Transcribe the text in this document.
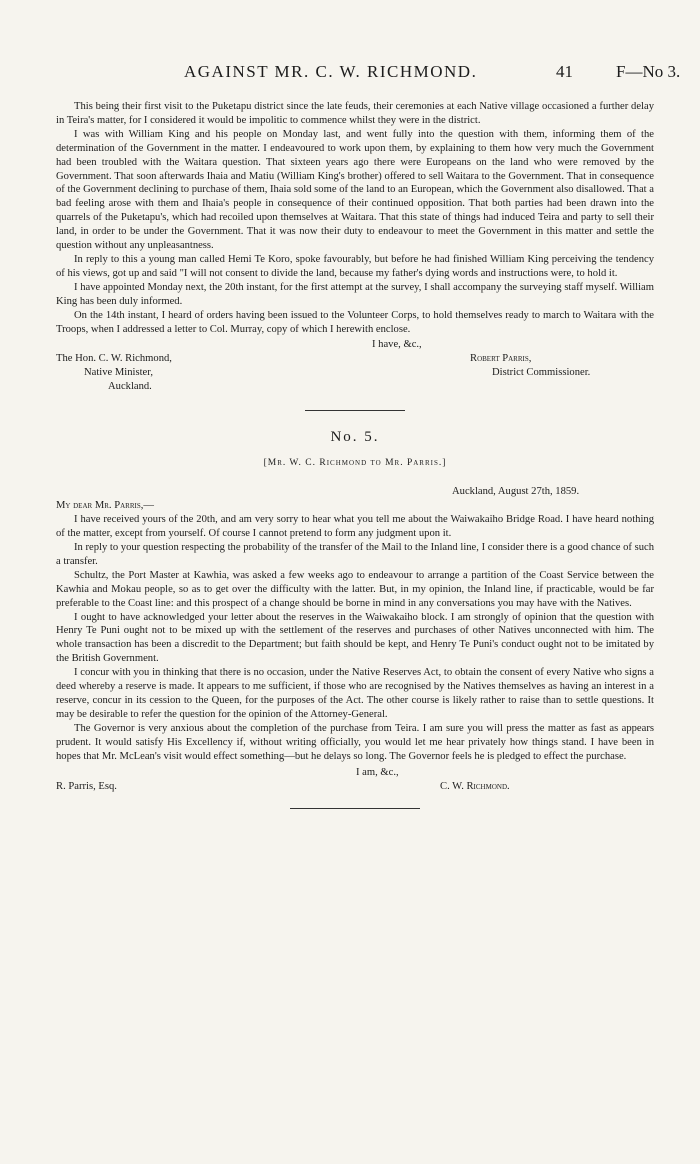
AGAINST MR. C. W. RICHMOND.	41	F—No 3.

This being their first visit to the Puketapu district since the late feuds, their ceremonies at each Native village occasioned a further delay in Teira's matter, for I considered it would be impolitic to commence whilst they were in the district.

I was with William King and his people on Monday last, and went fully into the question with them, informing them of the determination of the Government in the matter. I endeavoured to work upon them, by explaining to them how very much the Government had been troubled with the Waitara question. That sixteen years ago there were Europeans on the land who were removed by the Government. That soon afterwards Ihaia and Matiu (William King's brother) offered to sell Waitara to the Government. That in consequence of the Government declining to purchase of them, Ihaia sold some of the land to an European, which the Government also disallowed. That a bad feeling arose with them and Ihaia's people in consequence of their continued opposition. That both parties had been drawn into the quarrels of the Puketapu's, which had recoiled upon themselves at Waitara. That this state of things had induced Teira and party to sell their land, in order to be under the Government. That it was now their duty to endeavour to meet the Government in this matter and settle the question without any unpleasantness.

In reply to this a young man called Hemi Te Koro, spoke favourably, but before he had finished William King perceiving the tendency of his views, got up and said "I will not consent to divide the land, because my father's dying words and instructions were, to hold it.

I have appointed Monday next, the 20th instant, for the first attempt at the survey, I shall accompany the surveying staff myself. William King has been duly informed.

On the 14th instant, I heard of orders having been issued to the Volunteer Corps, to hold themselves ready to march to Waitara with the Troops, when I addressed a letter to Col. Murray, copy of which I herewith enclose.

I have, &c.,
The Hon. C. W. Richmond,	Robert Parris,
Native Minister,	District Commissioner.
Auckland.

No. 5.

[Mr. W. C. Richmond to Mr. Parris.]

Auckland, August 27th, 1859.
My dear Mr. Parris,—

I have received yours of the 20th, and am very sorry to hear what you tell me about the Waiwakaiho Bridge Road. I have heard nothing of the matter, except from yourself. Of course I cannot pretend to form any judgment upon it.

In reply to your question respecting the probability of the transfer of the Mail to the Inland line, I consider there is a good chance of such a transfer.

Schultz, the Port Master at Kawhia, was asked a few weeks ago to endeavour to arrange a partition of the Coast Service between the Kawhia and Mokau people, so as to get over the difficulty with the latter. But, in my opinion, the Inland line, if practicable, would be far preferable to the Coast line: and this prospect of a change should be borne in mind in any conversations you may have with the Natives.

I ought to have acknowledged your letter about the reserves in the Waiwakaiho block. I am strongly of opinion that the question with Henry Te Puni ought not to be mixed up with the settlement of the reserves and purchases of other Natives unconnected with him. The whole transaction has been a discredit to the Department; but faith should be kept, and Henry Te Puni's conduct ought not to be imitated by the British Government.

I concur with you in thinking that there is no occasion, under the Native Reserves Act, to obtain the consent of every Native who signs a deed whereby a reserve is made. It appears to me sufficient, if those who are recognised by the Natives themselves as having an interest in a reserve, concur in its cession to the Queen, for the purposes of the Act. The other course is likely rather to raise than to settle questions. It may be desirable to refer the question for the opinion of the Attorney-General.

The Governor is very anxious about the completion of the purchase from Teira. I am sure you will press the matter as fast as appears prudent. It would satisfy His Excellency if, without writing officially, you would let me hear privately how things stand. I have been in hopes that Mr. McLean's visit would effect something—but he delays so long. The Governor feels he is pledged to effect the purchase.

I am, &c.,
R. Parris, Esq.	C. W. Richmond.
